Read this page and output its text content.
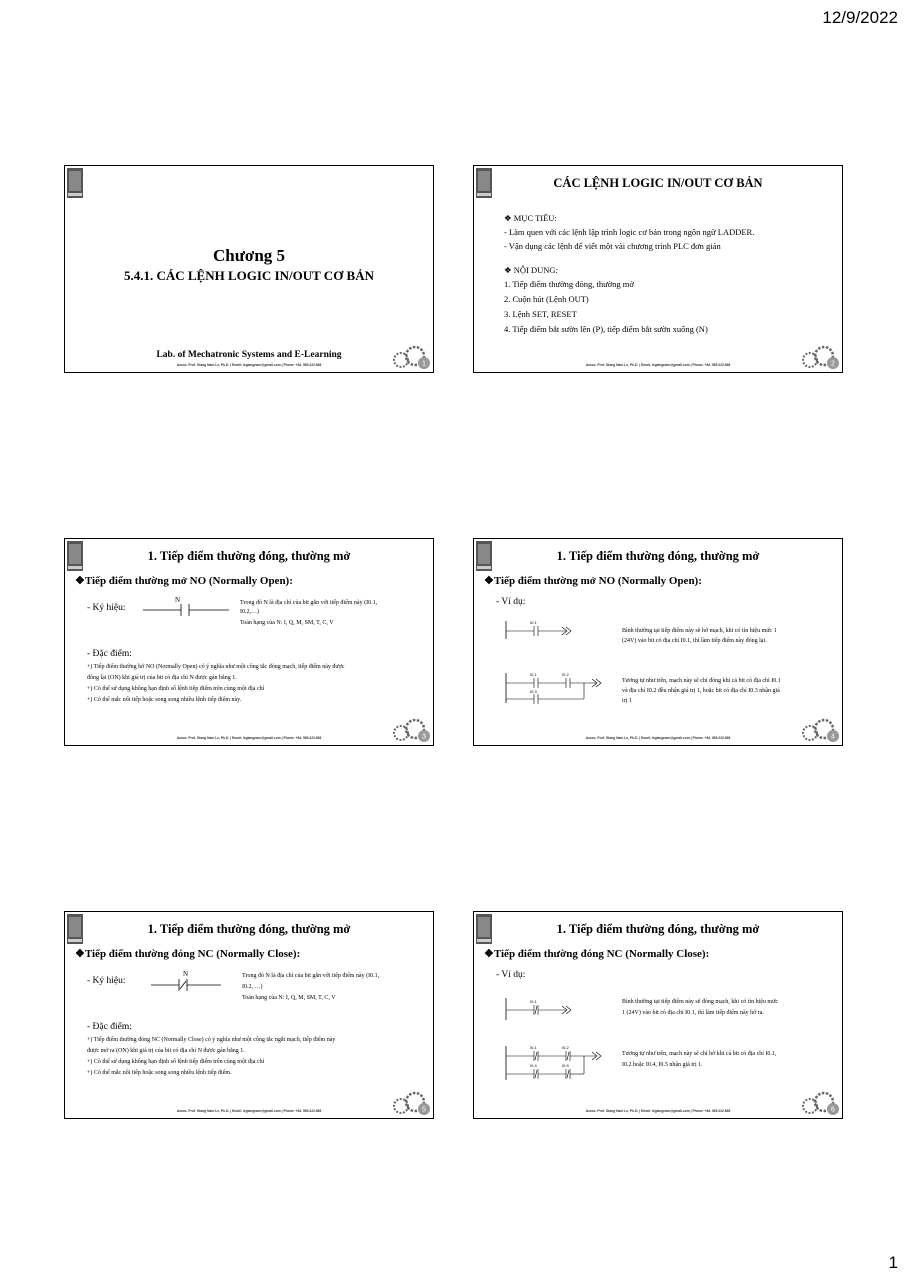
12/9/2022
Chương 5
5.4.1. CÁC LỆNH LOGIC IN/OUT CƠ BẢN
Lab. of Mechatronic Systems and E-Learning
Assoc. Prof. Giang Nam Le, Ph.D. | Email: legiangnam@gmail.com | Phone: +84. 565.222.666	1
CÁC LỆNH LOGIC IN/OUT CƠ BẢN
❖ MỤC TIÊU:
- Làm quen với các lệnh lập trình logic cơ bản trong ngôn ngữ LADDER.
- Vận dụng các lệnh để viết một vài chương trình PLC đơn giản
❖ NỘI DUNG:
1. Tiếp điểm thường đóng, thường mở
2. Cuộn hút (Lệnh OUT)
3. Lệnh SET, RESET
4. Tiếp điểm bắt sườn lên (P), tiếp điểm bắt sườn xuống (N)
Assoc. Prof. Giang Nam Le, Ph.D. | Email: legiangnam@gmail.com | Phone: +84. 565.222.666	2
1. Tiếp điểm thường đóng, thường mở
❖Tiếp điểm thường mở NO (Normally Open):
- Ký hiệu:
N	Trong đó N là địa chỉ của bit gắn với tiếp điểm này (I0.1,
I0.2,…)
Toán hạng của N: I, Q, M, SM, T, C, V
- Đặc điểm:
+) Tiếp điểm thường hở NO (Normally Open) có ý nghĩa như một công tắc đóng mạch, tiếp điểm này được
đóng lại (ON) khi giá trị của bit có địa chỉ N được gán bằng 1.
+) Có thể sử dụng không hạn định số lệnh tiếp điểm trên cùng một địa chỉ
+) Có thể mắc nối tiếp hoặc song song nhiều lệnh tiếp điểm này.
Assoc. Prof. Giang Nam Le, Ph.D. | Email: legiangnam@gmail.com | Phone: +84. 565.222.666	3
1. Tiếp điểm thường đóng, thường mở
❖Tiếp điểm thường mở NO (Normally Open):
- Ví dụ:
I0.1
Bình thường tại tiếp điểm này sẽ hở mạch, khi có tín hiệu mức 1
(24V) vào bit có địa chỉ I0.1, thì làm tiếp điểm này đóng lại.
I0.1	I0.2
I0.3
Tương tự như trên, mạch này sẽ chỉ đóng khi cả bit có địa chỉ I0.1
và địa chỉ I0.2 đều nhận giá trị 1, hoặc bit có địa chỉ I0.3 nhận giá
trị 1
Assoc. Prof. Giang Nam Le, Ph.D. | Email: legiangnam@gmail.com | Phone: +84. 565.222.666	4
1. Tiếp điểm thường đóng, thường mở
❖Tiếp điểm thường đóng NC (Normally Close):
- Ký hiệu:
N	Trong đó N là địa chỉ của bit gắn với tiếp điểm này (I0.1,
I0.2, …)
Toán hạng của N: I, Q, M, SM, T, C, V
- Đặc điểm:
+) Tiếp điểm thường đóng NC (Normally Close) có ý nghĩa như một công tắc ngắt mạch, tiếp điểm này
được mở ra (ON) khi giá trị của bit có địa chỉ N được gán bằng 1.
+) Có thể sử dụng không hạn định số lệnh tiếp điểm trên cùng một địa chỉ
+) Có thể mắc nối tiếp hoặc song song nhiều lệnh tiếp điểm.
Assoc. Prof. Giang Nam Le, Ph.D. | Email: legiangnam@gmail.com | Phone: +84. 565.222.666	5
1. Tiếp điểm thường đóng, thường mở
❖Tiếp điểm thường đóng NC (Normally Close):
- Ví dụ:
I0.1	Bình thường tại tiếp điểm này sẽ đóng mạch, khi có tín hiệu mức
1 (24V) vào bit có địa chỉ I0.1, thì làm tiếp điểm này hở ra.
I0.1	I0.2
I0.4	I0.5
Tương tự như trên, mạch này sẽ chỉ hở khi cả bit có địa chỉ I0.1,
I0.2 hoặc I0.4, I0.5 nhận giá trị 1.
Assoc. Prof. Giang Nam Le, Ph.D. | Email: legiangnam@gmail.com | Phone: +84. 565.222.666	6
1
